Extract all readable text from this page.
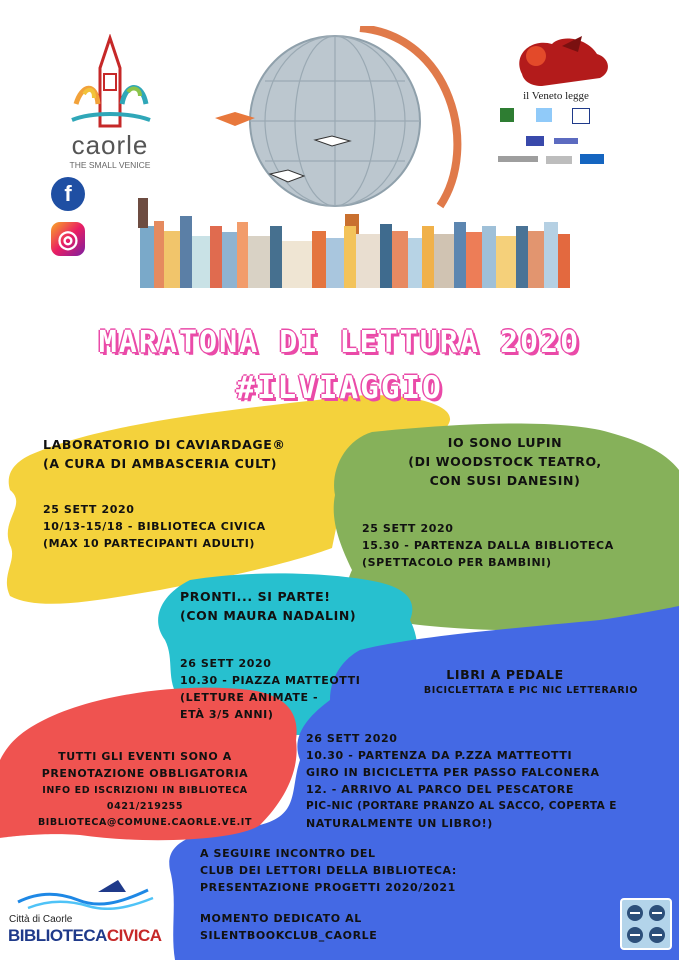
caorle
THE SMALL VENICE
f
◎
il Veneto legge
MARATONA DI LETTURA 2020
#ILVIAGGIO
LABORATORIO DI CAVIARDAGE®
(A CURA DI AMBASCERIA CULT)
25 SETT 2020
10/13-15/18 - BIBLIOTECA CIVICA
(MAX 10 PARTECIPANTI ADULTI)
IO SONO LUPIN
(DI WOODSTOCK TEATRO,
CON SUSI DANESIN)
25 SETT 2020
15.30 - PARTENZA DALLA BIBLIOTECA
(SPETTACOLO PER BAMBINI)
PRONTI... SI PARTE!
(CON MAURA NADALIN)
26 SETT 2020
10.30 - PIAZZA MATTEOTTI
(LETTURE ANIMATE -
ETÀ 3/5 ANNI)
LIBRI A PEDALE
BICICLETTATA E PIC NIC LETTERARIO
26 SETT 2020
10.30 - PARTENZA DA P.ZZA MATTEOTTI
GIRO IN BICICLETTA PER PASSO FALCONERA
12. - ARRIVO AL PARCO DEL PESCATORE
PIC-NIC (PORTARE PRANZO AL SACCO, COPERTA E
NATURALMENTE UN LIBRO!)
TUTTI GLI EVENTI SONO A
PRENOTAZIONE OBBLIGATORIA
INFO ED ISCRIZIONI IN BIBLIOTECA
0421/219255
BIBLIOTECA@COMUNE.CAORLE.VE.IT
A SEGUIRE INCONTRO DEL
CLUB DEI LETTORI DELLA BIBLIOTECA:
PRESENTAZIONE PROGETTI 2020/2021
MOMENTO DEDICATO AL
SILENTBOOKCLUB_CAORLE
Città di Caorle
BIBLIOTECACIVICA
